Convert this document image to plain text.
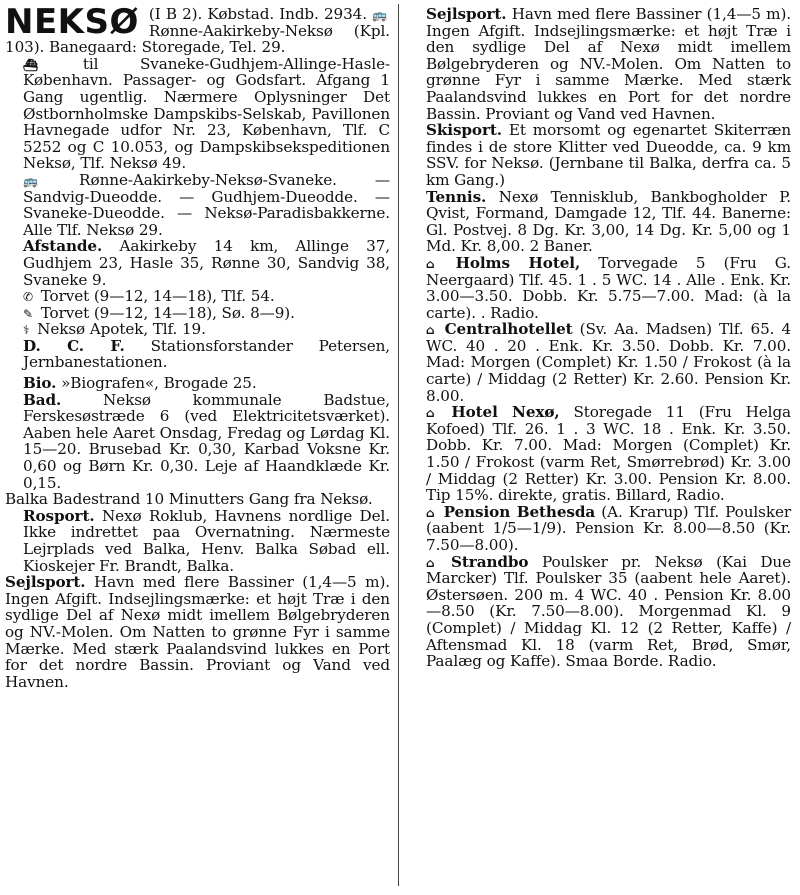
NEKSØ (I B 2). Købstad. Indb. 2934. 🚌 Rønne-Aakirkeby-Neksø (Kpl. 103). Banegaard: Storegade, Tel. 29.

⛴	til Svaneke-Gudhjem-Allinge-Hasle-København. Passager- og Godsfart. Afgang 1 Gang ugentlig. Nærmere Oplysninger Det Østbornholmske Dampskibs-Selskab, Pavillonen Havnegade udfor Nr. 23, København, Tlf. C 5252 og C 10.053, og Dampskibsekspeditionen Neksø, Tlf. Neksø 49.

🚌	Rønne-Aakirkeby-Neksø-Svaneke. — Sandvig-Dueodde. — Gudhjem-Dueodde. — Svaneke-Dueodde. — Neksø-Paradisbakkerne. Alle Tlf. Neksø 29.

Afstande. Aakirkeby 14 km, Allinge 37, Gudhjem 23, Hasle 35, Rønne 30, Sandvig 38, Svaneke 9.

✆ Torvet (9—12, 14—18), Tlf. 54.

✎ Torvet (9—12, 14—18), Sø. 8—9).

⚕ Neksø Apotek, Tlf. 19.

D. C. F. Stationsforstander Petersen, Jernbanestationen.

Bio. »Biografen«, Brogade 25.

Bad.	Neksø kommunale Badstue, Ferskesøstræde 6 (ved Elektricitetsværket). Aaben hele Aaret Onsdag, Fredag og Lørdag Kl. 15—20. Brusebad Kr. 0,30, Karbad Voksne Kr. 0,60 og Børn Kr. 0,30. Leje af Haandklæde Kr. 0,15.

Balka Badestrand 10 Minutters Gang fra Neksø.

Rosport. Nexø Roklub, Havnens nordlige Del. Ikke indrettet paa Overnatning. Nærmeste Lejrplads ved Balka, Henv. Balka Søbad ell. Kioskejer Fr. Brandt, Balka.

Sejlsport. Havn med flere Bassiner (1,4—5 m). Ingen Afgift. Indsejlingsmærke: et højt Træ i den sydlige Del af Nexø midt imellem Bølgebryderen og NV.-Molen. Om Natten to grønne Fyr i samme Mærke. Med stærk Paalandsvind lukkes en Port for det nordre Bassin. Proviant og Vand ved Havnen.

Sejlsport. Havn med flere Bassiner (1,4—5 m). Ingen Afgift. Indsejlingsmærke: et højt Træ i den sydlige Del af Nexø midt imellem Bølgebryderen og NV.-Molen. Om Natten to grønne Fyr i samme Mærke. Med stærk Paalandsvind lukkes en Port for det nordre Bassin. Proviant og Vand ved Havnen.

Skisport. Et morsomt og egenartet Skiterræn findes i de store Klitter ved Dueodde, ca. 9 km SSV. for Neksø. (Jernbane til Balka, derfra ca. 5 km Gang.)

Tennis. Nexø Tennisklub, Bankbogholder P. Qvist, Formand, Damgade 12, Tlf. 44. Banerne: Gl. Postvej. 8 Dg. Kr. 3,00, 14 Dg. Kr. 5,00 og 1 Md. Kr. 8,00. 2 Baner.

⌂ Holms Hotel, Torvegade 5 (Fru G. Neergaard) Tlf. 45. 1 . 5 WC. 14 . Alle . Enk. Kr. 3.00—3.50. Dobb. Kr. 5.75—7.00. Mad: (à la carte). . Radio.

⌂ Centralhotellet (Sv. Aa. Madsen) Tlf. 65. 4 WC. 40 . 20 . Enk. Kr. 3.50. Dobb. Kr. 7.00. Mad: Morgen (Complet) Kr. 1.50 / Frokost (à la carte) / Middag (2 Retter) Kr. 2.60. Pension Kr. 8.00.

⌂ Hotel Nexø, Storegade 11 (Fru Helga Kofoed) Tlf. 26. 1 . 3 WC. 18 . Enk. Kr. 3.50. Dobb. Kr. 7.00. Mad: Morgen (Complet) Kr. 1.50 / Frokost (varm Ret, Smørrebrød) Kr. 3.00 / Middag (2 Retter) Kr. 3.00. Pension Kr. 8.00. Tip 15%. direkte, gratis. Billard, Radio.

⌂ Pension Bethesda (A. Krarup) Tlf. Poulsker (aabent 1/5—1/9). Pension Kr. 8.00—8.50 (Kr. 7.50—8.00).

⌂ Strandbo Poulsker pr. Neksø (Kai Due Marcker) Tlf. Poulsker 35 (aabent hele Aaret). Østersøen. 200 m. 4 WC. 40 . Pension Kr. 8.00—8.50 (Kr. 7.50—8.00). Morgenmad Kl. 9 (Complet) / Middag Kl. 12 (2 Retter, Kaffe) / Aftensmad Kl. 18 (varm Ret, Brød, Smør, Paalæg og Kaffe). Smaa Borde. Radio.
